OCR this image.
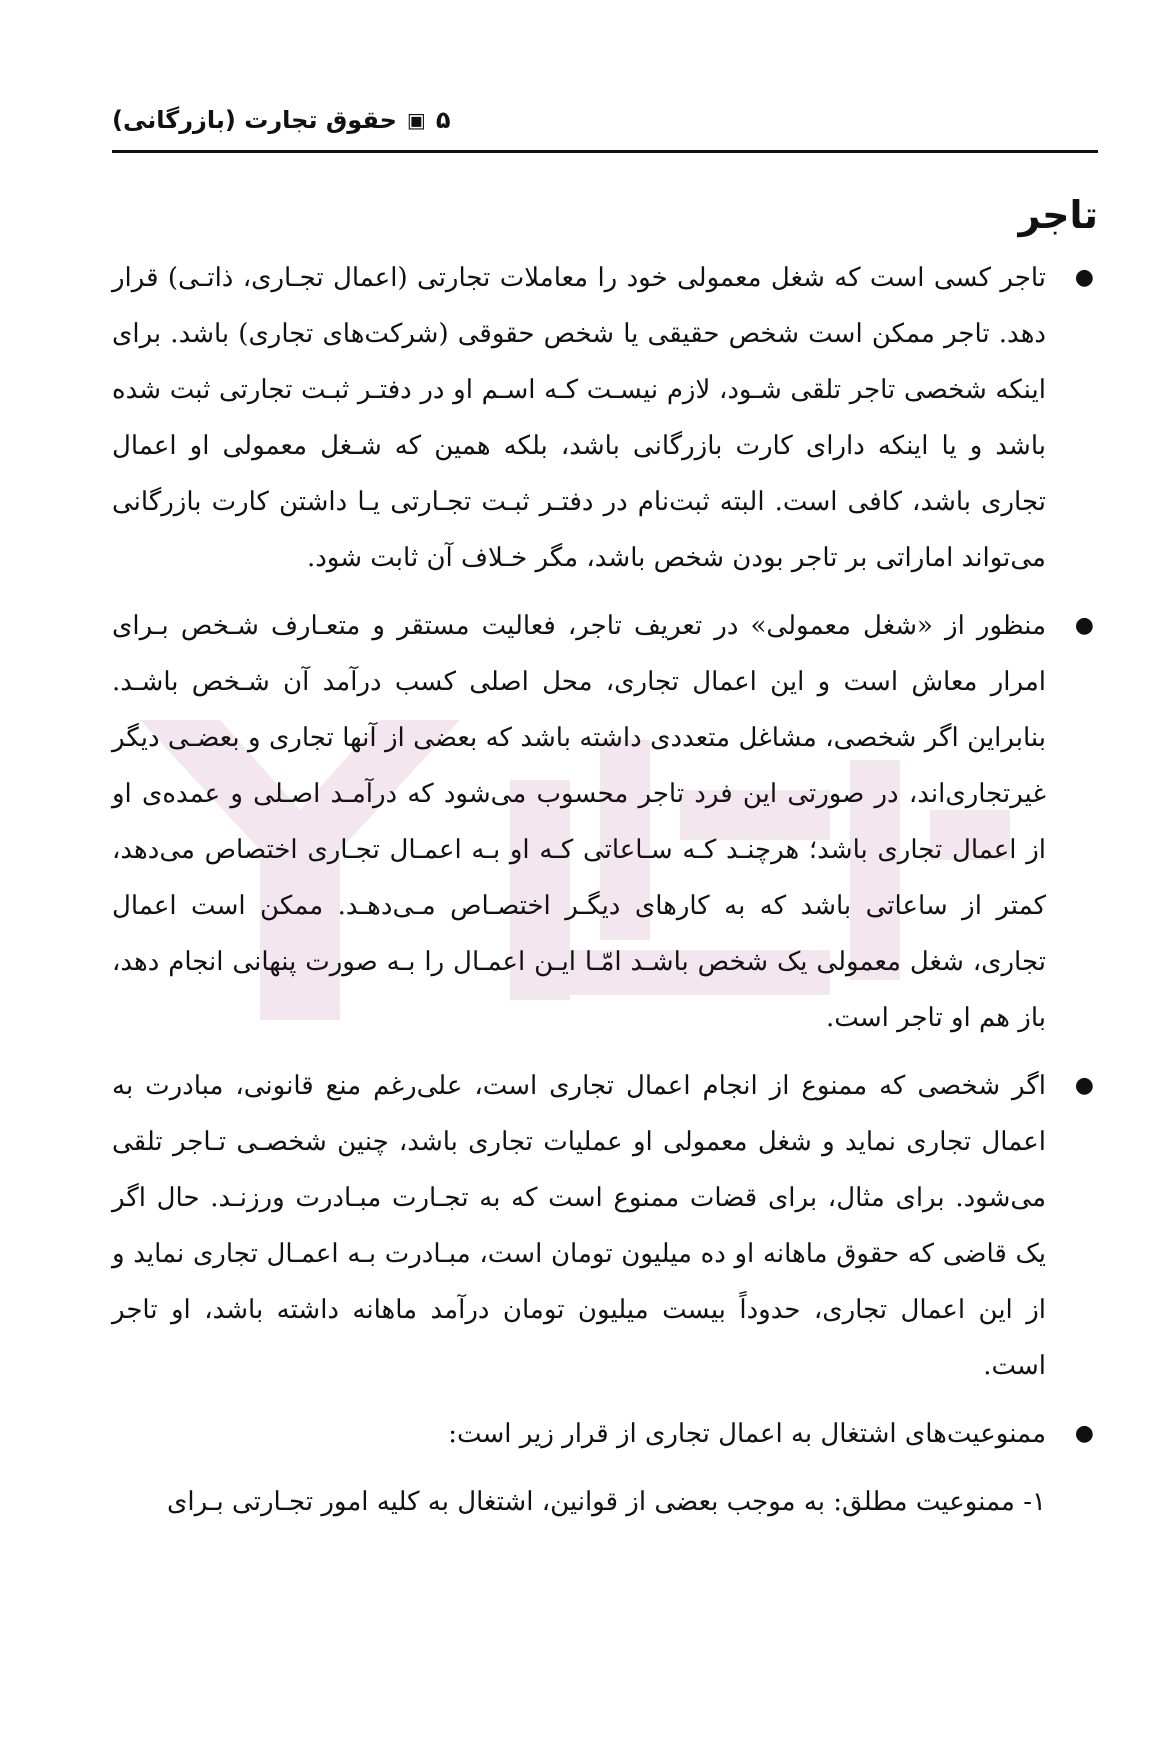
۵
▣
حقوق تجارت (بازرگانی)
تاجر
●
تاجر کسی است که شغل معمولی خود را معاملات تجارتی (اعمال تجـاری، ذاتـی) قرار دهد. تاجر ممکن است شخص حقیقی یا شخص حقوقی (شرکت‌های تجاری) باشد. برای اینکه شخصی تاجر تلقی شـود، لازم نیسـت کـه اسـم او در دفتـر ثبـت تجارتی ثبت شده باشد و یا اینکه دارای کارت بازرگانی باشد، بلکه همین که شـغل معمولی او اعمال تجاری باشد، کافی است. البته ثبت‌نام در دفتـر ثبـت تجـارتی یـا داشتن کارت بازرگانی می‌تواند اماراتی بر تاجر بودن شخص باشد، مگر خـلاف آن ثابت شود.
●
منظور از «شغل معمولی» در تعریف تاجر، فعالیت مستقر و متعـارف شـخص بـرای امرار معاش است و این اعمال تجاری، محل اصلی کسب درآمد آن شـخص باشـد. بنابراین اگر شخصی، مشاغل متعددی داشته باشد که بعضی از آنها تجاری و بعضـی دیگر غیرتجاری‌اند، در صورتی این فرد تاجر محسوب می‌شود که درآمـد اصـلی و عمده‌ی او از اعمال تجاری باشد؛ هرچنـد کـه سـاعاتی کـه او بـه اعمـال تجـاری اختصاص می‌دهد، کمتر از ساعاتی باشد که به کارهای دیگـر اختصـاص مـی‌دهـد. ممکن است اعمال تجاری، شغل معمولی یک شخص باشـد امّـا ایـن اعمـال را بـه صورت پنهانی انجام دهد، باز هم او تاجر است.
●
اگر شخصی که ممنوع از انجام اعمال تجاری است، علی‌رغم منع قانونی، مبادرت به اعمال تجاری نماید و شغل معمولی او عملیات تجاری باشد، چنین شخصـی تـاجر تلقی می‌شود. برای مثال، برای قضات ممنوع است که به تجـارت مبـادرت ورزنـد. حال اگر یک قاضی که حقوق ماهانه او ده میلیون تومان است، مبـادرت بـه اعمـال تجاری نماید و از این اعمال تجاری، حدوداً بیست میلیون تومان درآمد ماهانه داشته باشد، او تاجر است.
●
ممنوعیت‌های اشتغال به اعمال تجاری از قرار زیر است:

۱- ممنوعیت مطلق: به موجب بعضی از قوانین، اشتغال به کلیه امور تجـارتی بـرای
